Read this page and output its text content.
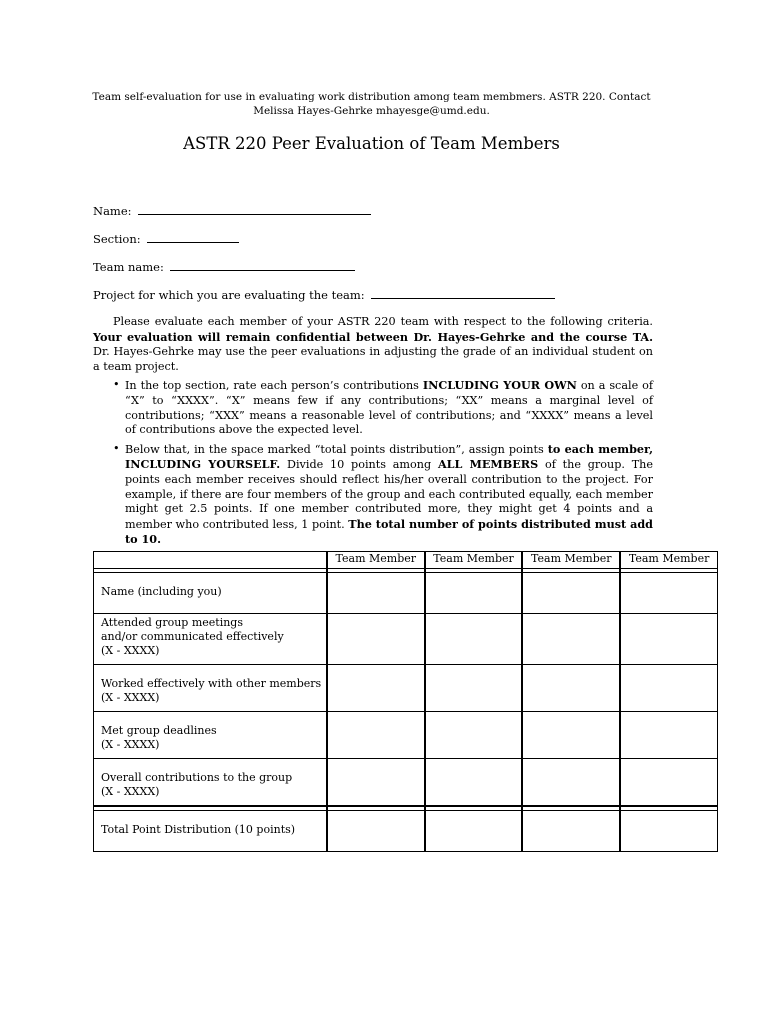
Team self-evaluation for use in evaluating work distribution among team membmers. ASTR 220. Contact
Melissa Hayes-Gehrke mhayesge@umd.edu.
ASTR 220 Peer Evaluation of Team Members
Name:
Section:
Team name:
Project for which you are evaluating the team:

Please evaluate each member of your ASTR 220 team with respect to the following criteria. Your evaluation will remain confidential between Dr. Hayes-Gehrke and the course TA. Dr. Hayes-Gehrke may use the peer evaluations in adjusting the grade of an individual student on a team project.

• In the top section, rate each person’s contributions INCLUDING YOUR OWN on a scale of “X” to “XXXX”. “X” means few if any contributions; “XX” means a marginal level of contributions; “XXX” means a reasonable level of contributions; and “XXXX” means a level of contributions above the expected level.
• Below that, in the space marked “total points distribution”, assign points to each member, INCLUDING YOURSELF. Divide 10 points among ALL MEMBERS of the group. The points each member receives should reflect his/her overall contribution to the project. For example, if there are four members of the group and each contributed equally, each member might get 2.5 points. If one member contributed more, they might get 4 points and a member who contributed less, 1 point. The total number of points distributed must add to 10.
	Team Member	Team Member	Team Member	Team Member

Name (including you)				

Attended group meetings
and/or communicated effectively
(X - XXXX)				

Worked effectively with other members
(X - XXXX)				

Met group deadlines
(X - XXXX)				

Overall contributions to the group
(X - XXXX)				

Total Point Distribution (10 points)				
